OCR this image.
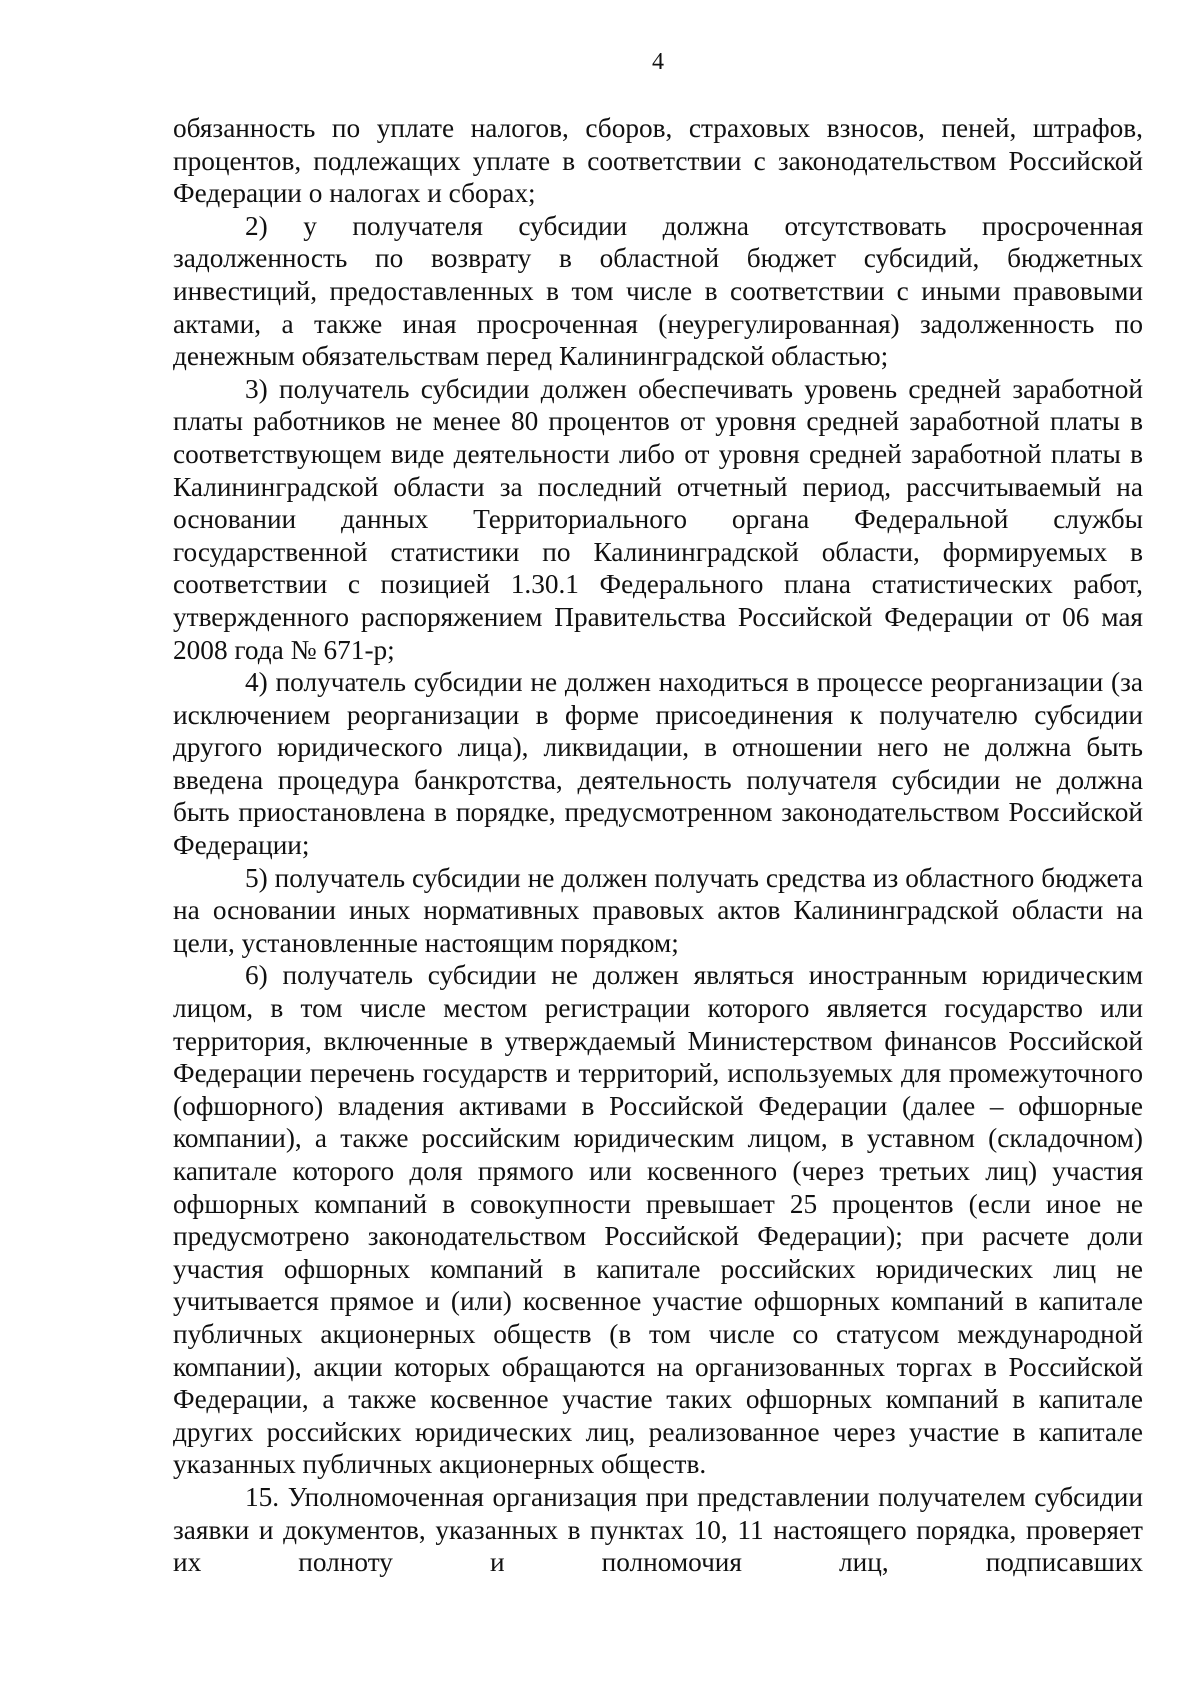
4

обязанность по уплате налогов, сборов, страховых взносов, пеней, штрафов, процентов, подлежащих уплате в соответствии с законодательством Российской Федерации о налогах и сборах;

2) у получателя субсидии должна отсутствовать просроченная задолженность по возврату в областной бюджет субсидий, бюджетных инвестиций, предоставленных в том числе в соответствии с иными правовыми актами, а также иная просроченная (неурегулированная) задолженность по денежным обязательствам перед Калининградской областью;

3) получатель субсидии должен обеспечивать уровень средней заработной платы работников не менее 80 процентов от уровня средней заработной платы в соответствующем виде деятельности либо от уровня средней заработной платы в Калининградской области за последний отчетный период, рассчитываемый на основании данных Территориального органа Федеральной службы государственной статистики по Калининградской области, формируемых в соответствии с позицией 1.30.1 Федерального плана статистических работ, утвержденного распоряжением Правительства Российской Федерации от 06 мая 2008 года № 671-р;

4) получатель субсидии не должен находиться в процессе реорганизации (за исключением реорганизации в форме присоединения к получателю субсидии другого юридического лица), ликвидации, в отношении него не должна быть введена процедура банкротства, деятельность получателя субсидии не должна быть приостановлена в порядке, предусмотренном законодательством Российской Федерации;

5) получатель субсидии не должен получать средства из областного бюджета на основании иных нормативных правовых актов Калининградской области на цели, установленные настоящим порядком;

6) получатель субсидии не должен являться иностранным юридическим лицом, в том числе местом регистрации которого является государство или территория, включенные в утверждаемый Министерством финансов Российской Федерации перечень государств и территорий, используемых для промежуточного (офшорного) владения активами в Российской Федерации (далее – офшорные компании), а также российским юридическим лицом, в уставном (складочном) капитале которого доля прямого или косвенного (через третьих лиц) участия офшорных компаний в совокупности превышает 25 процентов (если иное не предусмотрено законодательством Российской Федерации); при расчете доли участия офшорных компаний в капитале российских юридических лиц не учитывается прямое и (или) косвенное участие офшорных компаний в капитале публичных акционерных обществ (в том числе со статусом международной компании), акции которых обращаются на организованных торгах в Российской Федерации, а также косвенное участие таких офшорных компаний в капитале других российских юридических лиц, реализованное через участие в капитале указанных публичных акционерных обществ.

15. Уполномоченная организация при представлении получателем субсидии заявки и документов, указанных в пунктах 10, 11 настоящего порядка, проверяет их полноту и полномочия лиц, подписавших
